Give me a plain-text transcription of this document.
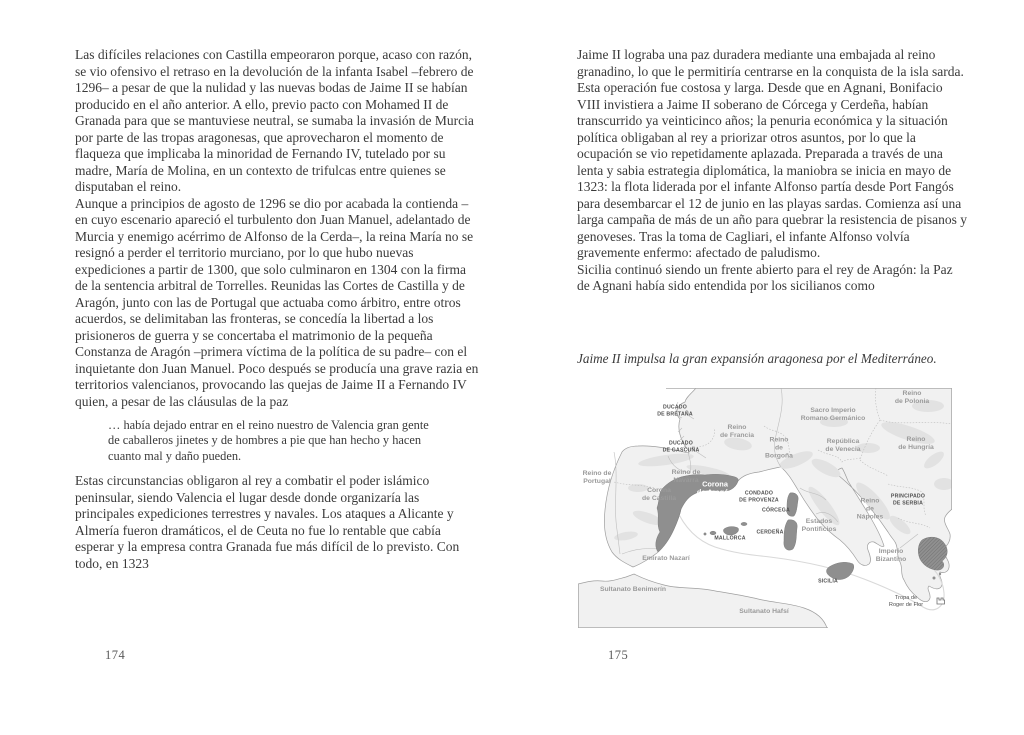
Las difíciles relaciones con Castilla empeoraron porque, acaso con razón, se vio ofensivo el retraso en la devolución de la infanta Isabel –febrero de 1296– a pesar de que la nulidad y las nuevas bodas de Jaime II se habían producido en el año anterior. A ello, previo pacto con Mohamed II de Granada para que se mantuviese neutral, se sumaba la invasión de Murcia por parte de las tropas aragonesas, que aprovecharon el momento de flaqueza que implicaba la minoridad de Fernando IV, tutelado por su madre, María de Molina, en un contexto de trifulcas entre quienes se disputaban el reino.

Aunque a principios de agosto de 1296 se dio por acabada la contienda –en cuyo escenario apareció el turbulento don Juan Manuel, adelantado de Murcia y enemigo acérrimo de Alfonso de la Cerda–, la reina María no se resignó a perder el territorio murciano, por lo que hubo nuevas expediciones a partir de 1300, que solo culminaron en 1304 con la firma de la sentencia arbitral de Torrelles. Reunidas las Cortes de Castilla y de Aragón, junto con las de Portugal que actuaba como árbitro, entre otros acuerdos, se delimitaban las fronteras, se concedía la libertad a los prisioneros de guerra y se concertaba el matrimonio de la pequeña Constanza de Aragón –primera víctima de la política de su padre– con el inquietante don Juan Manuel. Poco después se producía una grave razia en territorios valencianos, provocando las quejas de Jaime II a Fernando IV quien, a pesar de las cláusulas de la paz

… había dejado entrar en el reino nuestro de Valencia gran gente de caballeros jinetes y de hombres a pie que han hecho y hacen cuanto mal y daño pueden.

Estas circunstancias obligaron al rey a combatir el poder islámico peninsular, siendo Valencia el lugar desde donde organizaría las principales expediciones terrestres y navales. Los ataques a Alicante y Almería fueron dramáticos, el de Ceuta no fue lo rentable que cabía esperar y la empresa contra Granada fue más difícil de lo previsto. Con todo, en 1323

Jaime II lograba una paz duradera mediante una embajada al reino granadino, lo que le permitiría centrarse en la conquista de la isla sarda. Esta operación fue costosa y larga. Desde que en Agnani, Bonifacio VIII invistiera a Jaime II soberano de Córcega y Cerdeña, habían transcurrido ya veinticinco años; la penuria económica y la situación política obligaban al rey a priorizar otros asuntos, por lo que la ocupación se vio repetidamente aplazada. Preparada a través de una lenta y sabia estrategia diplomática, la maniobra se inicia en mayo de 1323: la flota liderada por el infante Alfonso partía desde Port Fangós para desembarcar el 12 de junio en las playas sardas. Comienza así una larga campaña de más de un año para quebrar la resistencia de pisanos y genoveses. Tras la toma de Cagliari, el infante Alfonso volvía gravemente enfermo: afectado de paludismo.

Sicilia continuó siendo un frente abierto para el rey de Aragón: la Paz de Agnani había sido entendida por los sicilianos como

Jaime II impulsa la gran expansión aragonesa por el Mediterráneo.

DUCADO
DE BRETAÑA
Reino
de Francia
DUCADO
DE GASCUÑA
Reino de
Portugal
Reino de
Navarra
Corona
de Castilla
Corona
de Aragón	CONDADO
DE PROVENZA
Reino
de
Borgoña
Sacro Imperio
Romano Germánico
República
de Venecia
Reino
de Polonia
Reino
de Hungría
PRINCIPADO
DE SERBIA
Reino
de
Nápoles
Estados
Pontificios
CÓRCEGA
CERDEÑA
MALLORCA
SICILIA
Imperio
Bizantino
Emirato Nazarí
Sultanato Benimerín
Sultanato Hafsí
Tropa de
Roger de Flor
174	175
